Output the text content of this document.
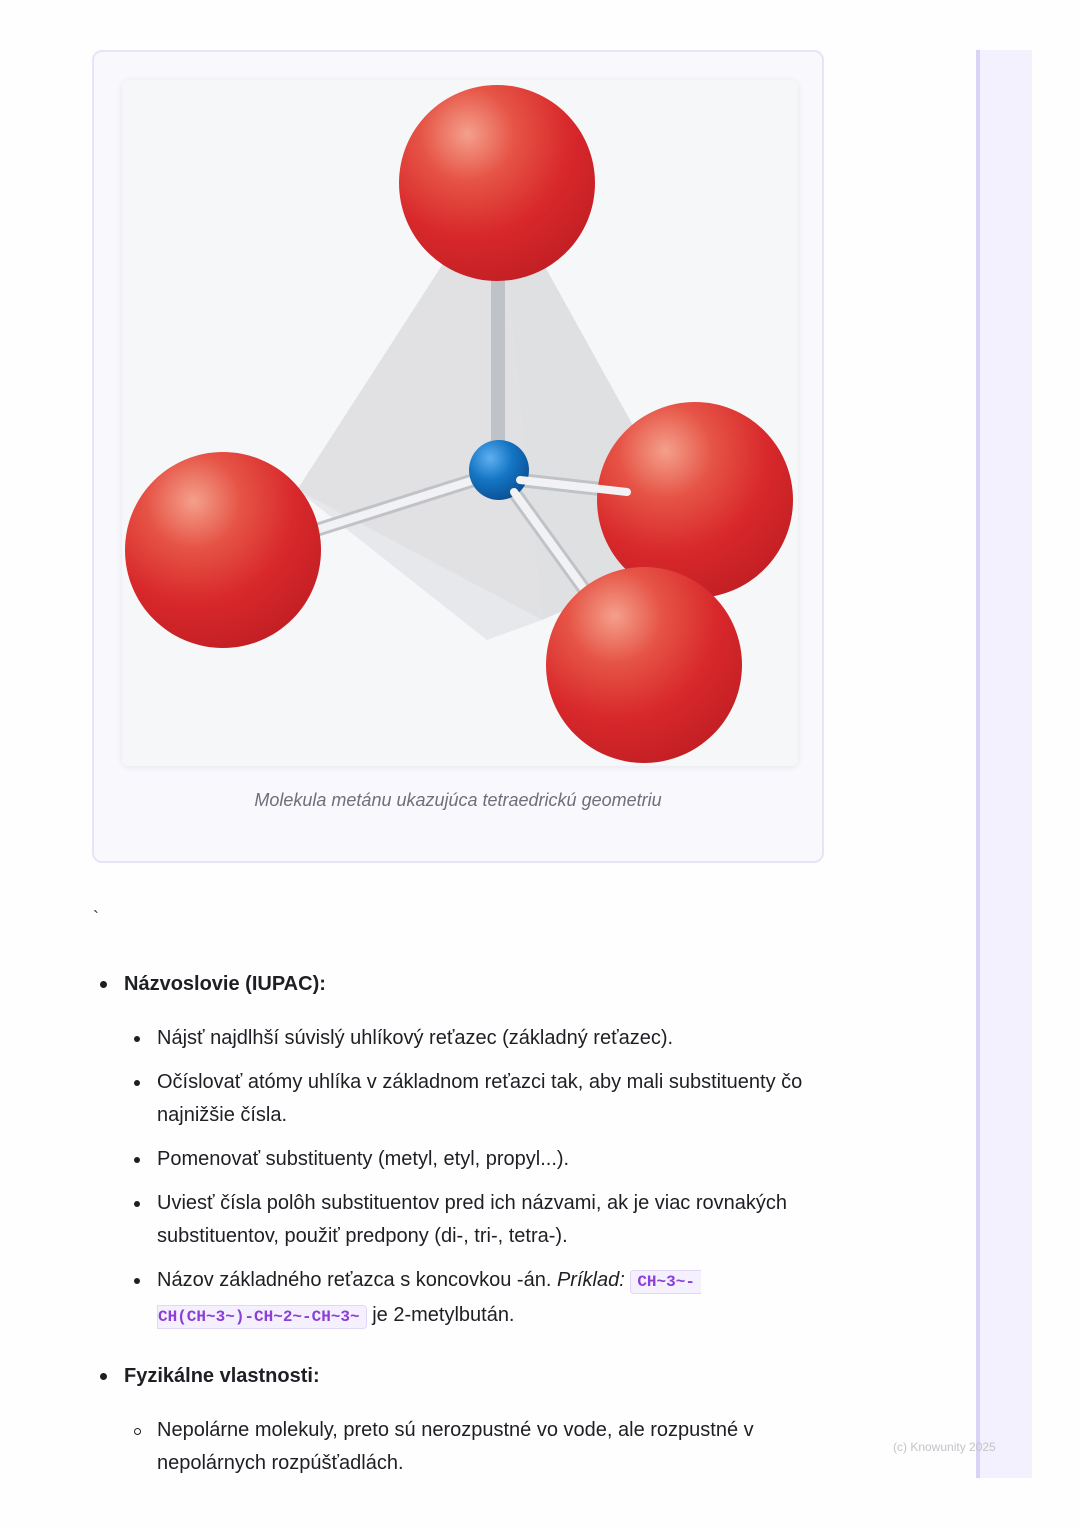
Molekula metánu ukazujúca tetraedrickú geometriu
`
Názvoslovie (IUPAC):
Nájsť najdlhší súvislý uhlíkový reťazec (základný reťazec).
Očíslovať atómy uhlíka v základnom reťazci tak, aby mali substituenty čo najnižšie čísla.
Pomenovať substituenty (metyl, etyl, propyl...).
Uviesť čísla polôh substituentov pred ich názvami, ak je viac rovnakých substituentov, použiť predpony (di-, tri-, tetra-).
Názov základného reťazca s koncovkou -án. Príklad: CH~3~-
CH(CH~3~)-CH~2~-CH~3~ je 2-metylbután.
Fyzikálne vlastnosti:
Nepolárne molekuly, preto sú nerozpustné vo vode, ale rozpustné v nepolárnych rozpúšťadlách.
(c) Knowunity 2025
